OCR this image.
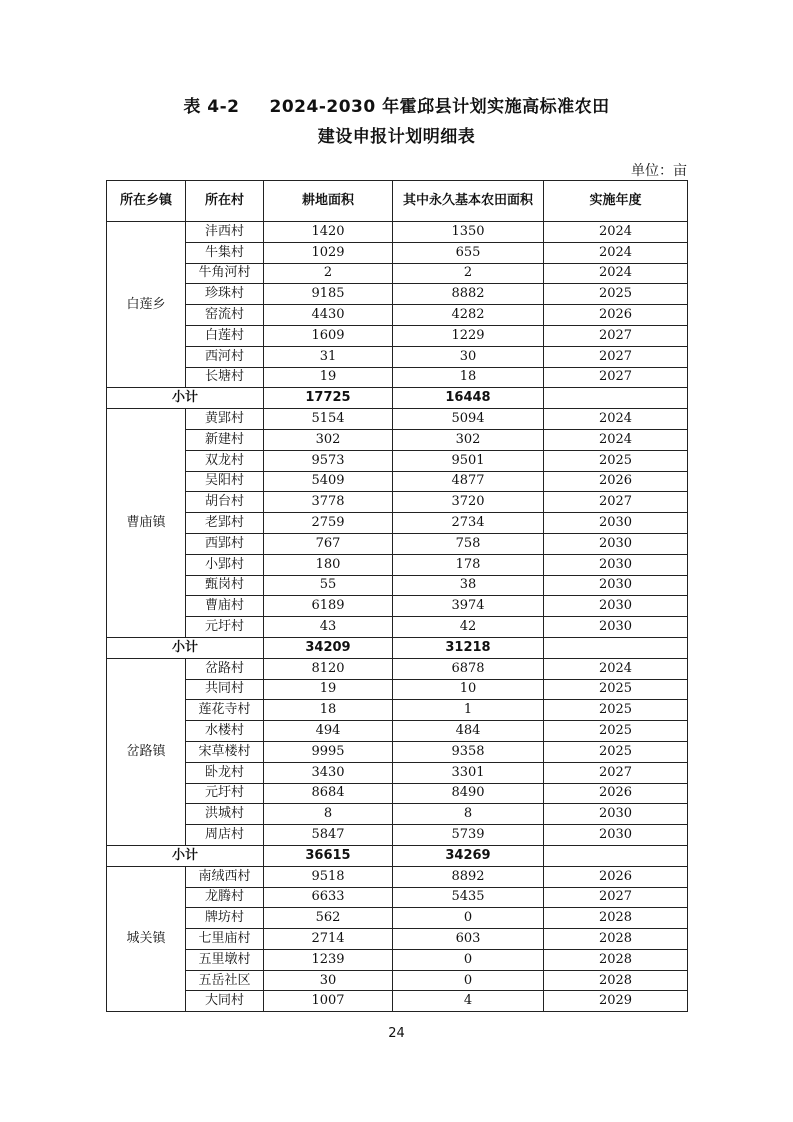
表 4-2 2024-2030 年霍邱县计划实施高标准农田
建设申报计划明细表
单位：亩
所在乡镇	所在村	耕地面积	其中永久基本农田面积	实施年度
白莲乡	沣西村	1420	1350	2024
	牛集村	1029	655	2024
	牛角河村	2	2	2024
	珍珠村	9185	8882	2025
	窑流村	4430	4282	2026
	白莲村	1609	1229	2027
	西河村	31	30	2027
	长塘村	19	18	2027
小计		17725	16448	
曹庙镇	黄郢村	5154	5094	2024
	新建村	302	302	2024
	双龙村	9573	9501	2025
	吴阳村	5409	4877	2026
	胡台村	3778	3720	2027
	老郢村	2759	2734	2030
	西郢村	767	758	2030
	小郢村	180	178	2030
	甄岗村	55	38	2030
	曹庙村	6189	3974	2030
	元圩村	43	42	2030
小计		34209	31218	
岔路镇	岔路村	8120	6878	2024
	共同村	19	10	2025
	莲花寺村	18	1	2025
	水楼村	494	484	2025
	宋草楼村	9995	9358	2025
	卧龙村	3430	3301	2027
	元圩村	8684	8490	2026
	洪城村	8	8	2030
	周店村	5847	5739	2030
小计		36615	34269	
城关镇	南绒西村	9518	8892	2026
	龙腾村	6633	5435	2027
	牌坊村	562	0	2028
	七里庙村	2714	603	2028
	五里墩村	1239	0	2028
	五岳社区	30	0	2028
	大同村	1007	4	2029
24
